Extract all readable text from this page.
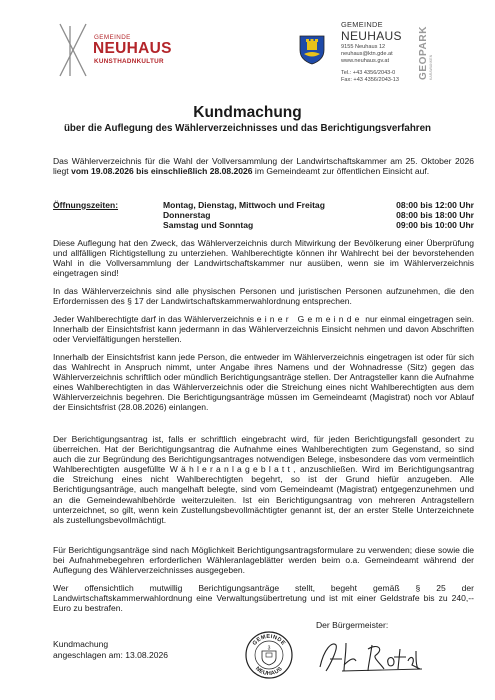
GEMEINDE
NEUHAUS
KUNSTHADNKULTUR
GEMEINDE
NEUHAUS
9155 Neuhaus 12
neuhaus@ktn.gde.at
www.neuhaus.gv.at
Tel.: +43 4356/2043-0
Fax: +43 4356/2043-13
GEOPARK KARAWANKEN
Kundmachung
über die Auflegung des Wählerverzeichnisses und das Berichtigungsverfahren
Das Wählerverzeichnis für die Wahl der Vollversammlung der Landwirtschaftskammer am 25. Oktober 2026 liegt vom 19.08.2026 bis einschließlich 28.08.2026 im Gemeindeamt zur öffentlichen Einsicht auf.
Öffnungszeiten:	Montag, Dienstag, Mittwoch und Freitag	08:00 bis 12:00 Uhr
Donnerstag	08:00 bis 18:00 Uhr
Samstag und Sonntag	09:00 bis 10:00 Uhr
Diese Auflegung hat den Zweck, das Wählerverzeichnis durch Mitwirkung der Bevölkerung einer Überprüfung und allfälligen Richtigstellung zu unterziehen. Wahlberechtigte können ihr Wahlrecht bei der bevorstehenden Wahl in die Vollversammlung der Landwirtschaftskammer nur ausüben, wenn sie im Wählerverzeichnis eingetragen sind!
In das Wählerverzeichnis sind alle physischen Personen und juristischen Personen aufzunehmen, die den Erfordernissen des § 17 der Landwirtschaftskammerwahlordnung entsprechen.
Jeder Wahlberechtigte darf in das Wählerverzeichnis einer Gemeinde nur einmal eingetragen sein. Innerhalb der Einsichtsfrist kann jedermann in das Wählerverzeichnis Einsicht nehmen und davon Abschriften oder Vervielfältigungen herstellen.
Innerhalb der Einsichtsfrist kann jede Person, die entweder im Wählerverzeichnis eingetragen ist oder für sich das Wahlrecht in Anspruch nimmt, unter Angabe ihres Namens und der Wohnadresse (Sitz) gegen das Wählerverzeichnis schriftlich oder mündlich Berichtigungsanträge stellen. Der Antragsteller kann die Aufnahme eines Wahlberechtigten in das Wählerverzeichnis oder die Streichung eines nicht Wahlberechtigten aus dem Wählerverzeichnis begehren. Die Berichtigungsanträge müssen im Gemeindeamt (Magistrat) noch vor Ablauf der Einsichtsfrist (28.08.2026) einlangen.
Der Berichtigungsantrag ist, falls er schriftlich eingebracht wird, für jeden Berichtigungsfall gesondert zu überreichen. Hat der Berichtigungsantrag die Aufnahme eines Wahlberechtigten zum Gegenstand, so sind auch die zur Begründung des Berichtigungsantrages notwendigen Belege, insbesondere das vom vermeintlich Wahlberechtigten ausgefüllte Wähleranlageblatt, anzuschließen. Wird im Berichtigungsantrag die Streichung eines nicht Wahlberechtigten begehrt, so ist der Grund hiefür anzugeben. Alle Berichtigungsanträge, auch mangelhaft belegte, sind vom Gemeindeamt (Magistrat) entgegenzunehmen und an die Gemeindewahlbehörde weiterzuleiten. Ist ein Berichtigungsantrag von mehreren Antragstellern unterzeichnet, so gilt, wenn kein Zustellungsbevollmächtigter genannt ist, der an erster Stelle Unterzeichnete als zustellungsbevollmächtigt.
Für Berichtigungsanträge sind nach Möglichkeit Berichtigungsantragsformulare zu verwenden; diese sowie die bei Aufnahmebegehren erforderlichen Wähleranlageblätter werden beim o.a. Gemeindeamt während der Auflegung des Wählerverzeichnisses ausgegeben.
Wer offensichtlich mutwillig Berichtigungsanträge stellt, begeht gemäß § 25 der Landwirtschaftskammerwahlordnung eine Verwaltungsübertretung und ist mit einer Geldstrafe bis zu 240,-- Euro zu bestrafen.
Kundmachung
angeschlagen am: 13.08.2026
Der Bürgermeister:
GEMEINDE
NEUHAUS
3
